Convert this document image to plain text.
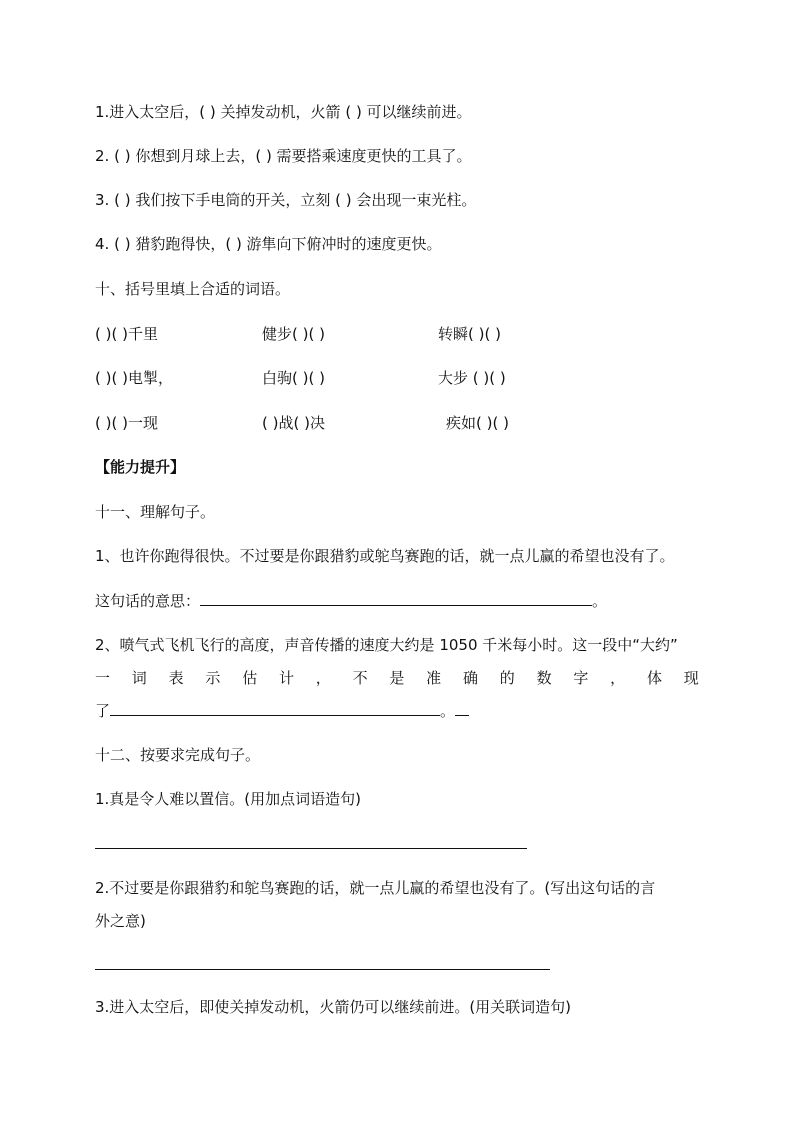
1.进入太空后，( ) 关掉发动机，火箭 ( ) 可以继续前进。
2. ( ) 你想到月球上去，( ) 需要搭乘速度更快的工具了。
3. ( ) 我们按下手电筒的开关，立刻 ( ) 会出现一束光柱。
4. ( ) 猎豹跑得快，( ) 游隼向下俯冲时的速度更快。
十、括号里填上合适的词语。
( )( )千里	健步( )( )	转瞬( )( )
( )( )电掣，	白驹( )( )	大步 ( )( )
( )( )一现	( )战( )决	疾如( )( )
【能力提升】
十一、理解句子。
1、也许你跑得很快。不过要是你跟猎豹或鸵鸟赛跑的话，就一点儿赢的希望也没有了。
这句话的意思：	。
2、喷气式飞机飞行的高度，声音传播的速度大约是 1050 千米每小时。这一段中“大约”
一 词 表 示 估 计 ， 不 是 准 确 的 数 字 ， 体 现
了	。
十二、按要求完成句子。
1.真是令人难以置信。(用加点词语造句)
2.不过要是你跟猎豹和鸵鸟赛跑的话，就一点儿赢的希望也没有了。(写出这句话的言
外之意)
3.进入太空后，即使关掉发动机，火箭仍可以继续前进。(用关联词造句)
